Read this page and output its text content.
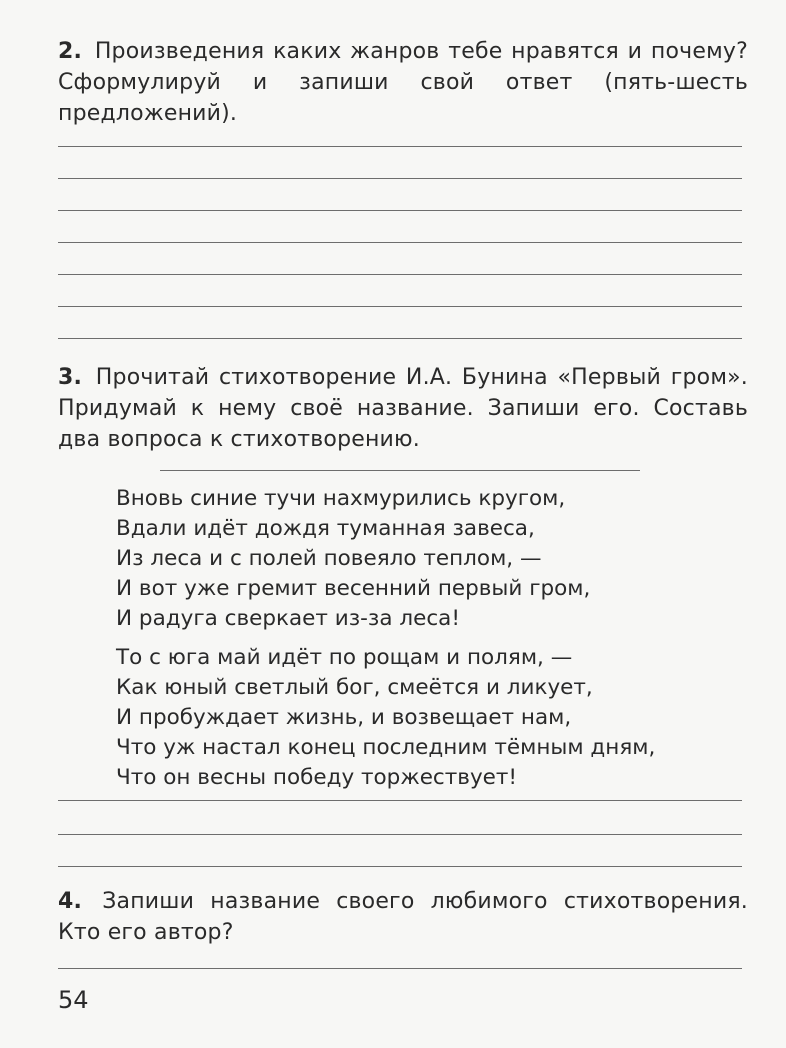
2. Произведения каких жанров тебе нравятся и почему? Сформулируй и запиши свой ответ (пять-шесть предложений).
3. Прочитай стихотворение И.А. Бунина «Первый гром». Придумай к нему своё название. Запиши его. Составь два вопроса к стихотворению.
Вновь синие тучи нахмурились кругом,
Вдали идёт дождя туманная завеса,
Из леса и с полей повеяло теплом, —
И вот уже гремит весенний первый гром,
И радуга сверкает из-за леса!
То с юга май идёт по рощам и полям, —
Как юный светлый бог, смеётся и ликует,
И пробуждает жизнь, и возвещает нам,
Что уж настал конец последним тёмным дням,
Что он весны победу торжествует!
4. Запиши название своего любимого стихотворения. Кто его автор?
54
